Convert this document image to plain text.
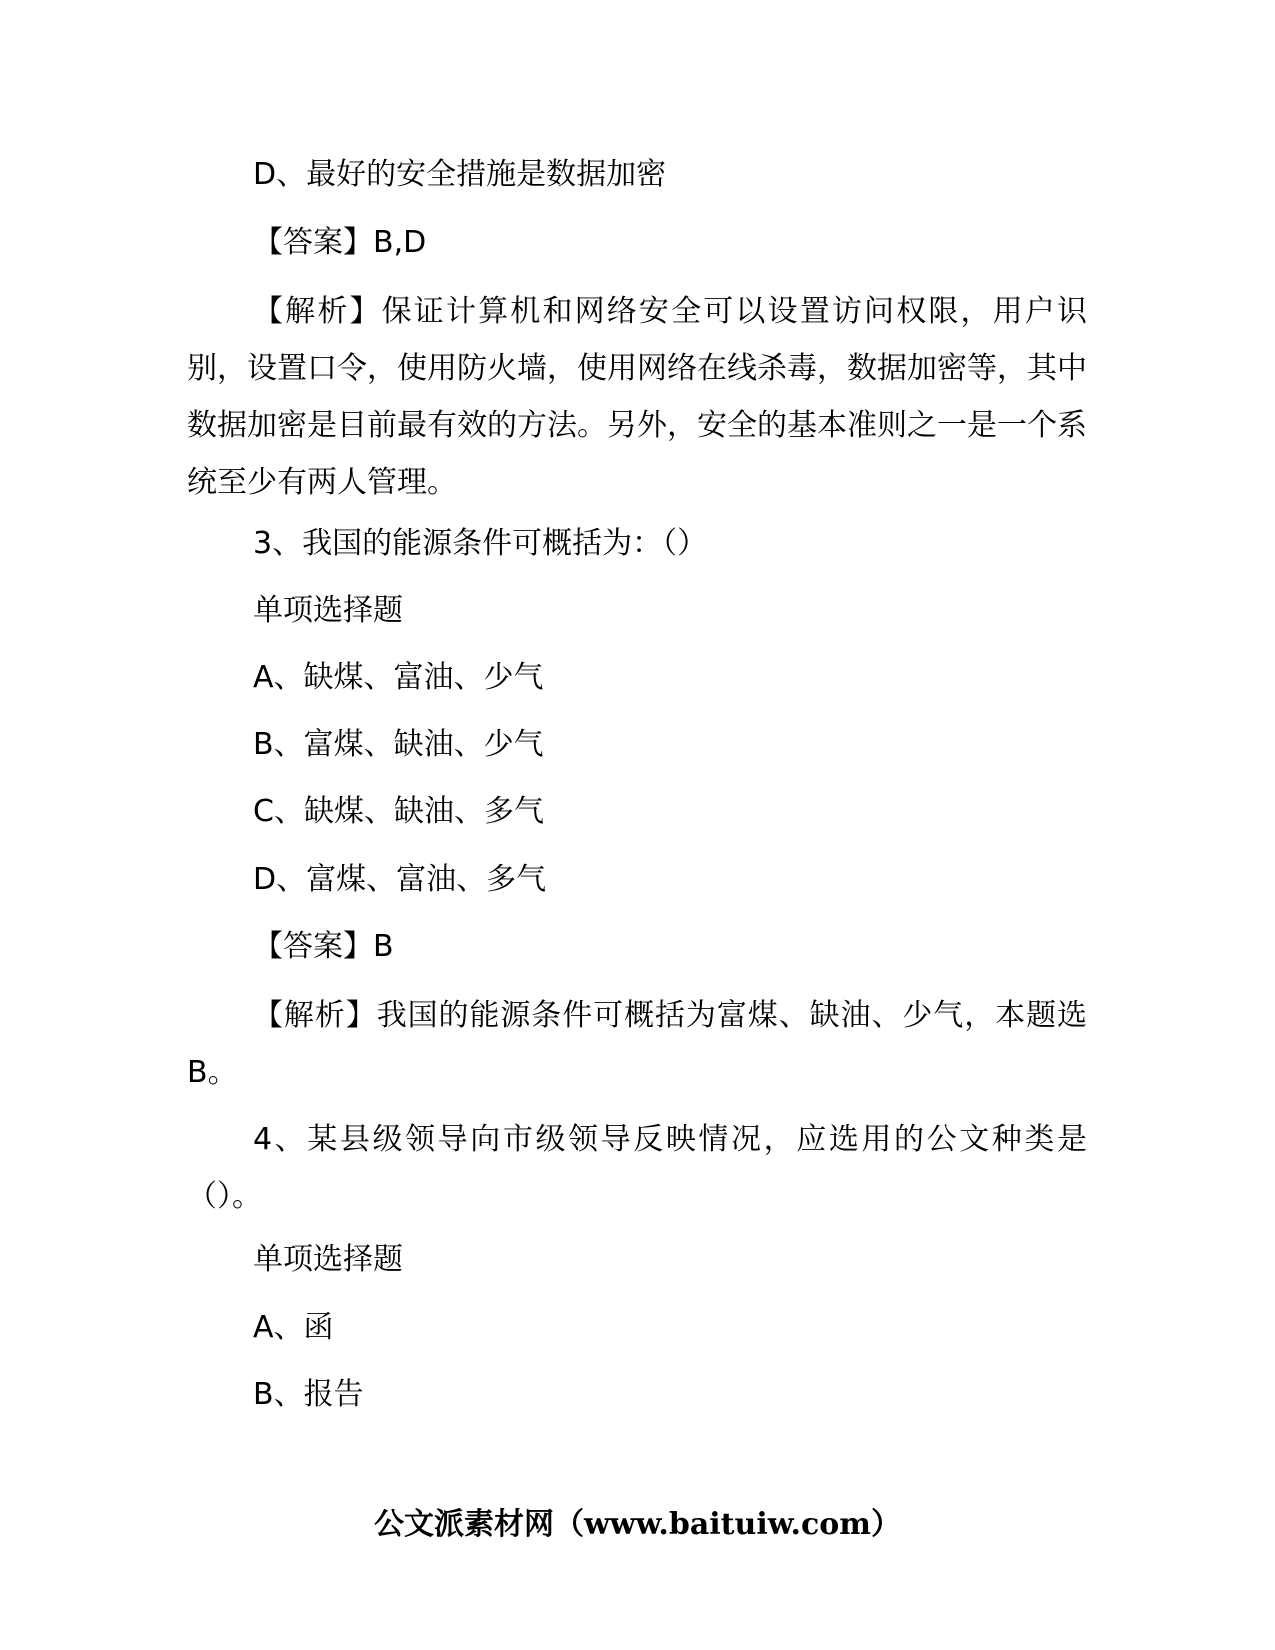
D、最好的安全措施是数据加密
【答案】B,D
【解析】保证计算机和网络安全可以设置访问权限，用户识别，设置口令，使用防火墙，使用网络在线杀毒，数据加密等，其中数据加密是目前最有效的方法。另外，安全的基本准则之一是一个系统至少有两人管理。
3、我国的能源条件可概括为：（）
单项选择题
A、缺煤、富油、少气
B、富煤、缺油、少气
C、缺煤、缺油、多气
D、富煤、富油、多气
【答案】B
【解析】我国的能源条件可概括为富煤、缺油、少气，本题选 B。
4、某县级领导向市级领导反映情况，应选用的公文种类是（）。
单项选择题
A、函
B、报告
公文派素材网（www.baituiw.com）
